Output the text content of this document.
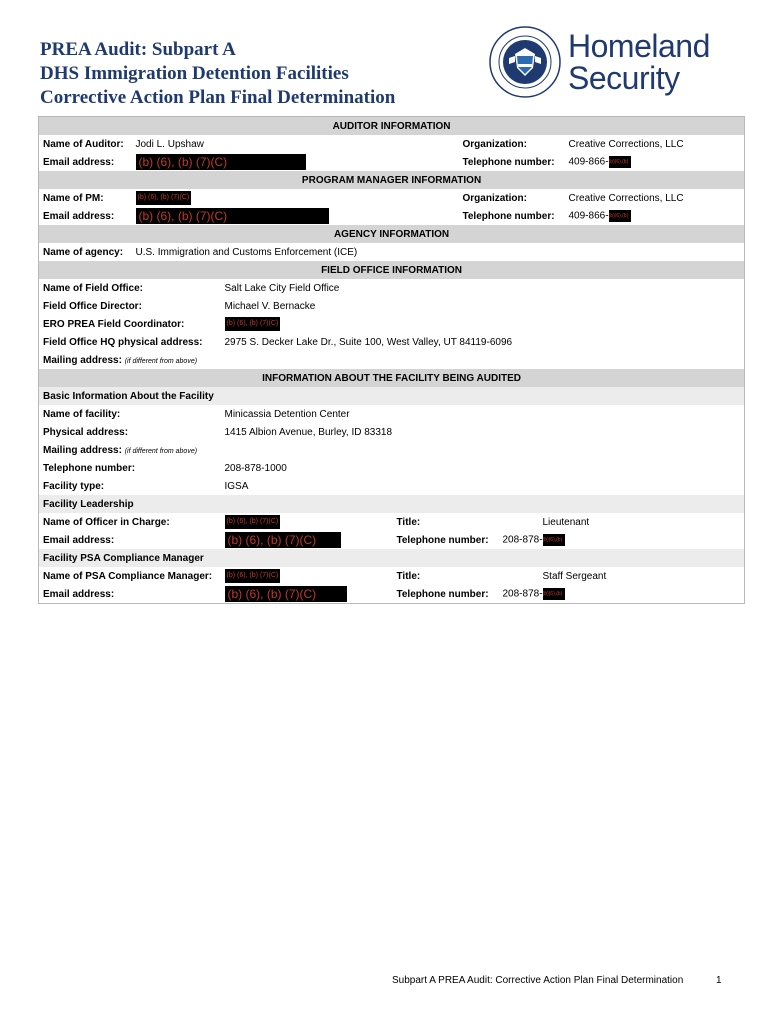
PREA Audit: Subpart A
DHS Immigration Detention Facilities
Corrective Action Plan Final Determination
Homeland
Security
AUDITOR INFORMATION						
Name of Auditor:	Jodi L. Upshaw			Organization:		Creative Corrections, LLC
Email address:	(b) (6), (b) (7)(C)			Telephone number:		409-866-(b)(6),(b)
PROGRAM MANAGER INFORMATION						
Name of PM:	(b) (6), (b) (7)(C)			Organization:		Creative Corrections, LLC
Email address:	(b) (6), (b) (7)(C)			Telephone number:		409-866-(b)(6),(b)
AGENCY INFORMATION						
Name of agency:	U.S. Immigration and Customs Enforcement (ICE)					
FIELD OFFICE INFORMATION						
Name of Field Office:		Salt Lake City Field Office				
Field Office Director:		Michael V. Bernacke				
ERO PREA Field Coordinator:		(b) (6), (b) (7)(C)				
Field Office HQ physical address:		2975 S. Decker Lake Dr., Suite 100, West Valley, UT 84119-6096				
Mailing address: (if different from above)						
INFORMATION ABOUT THE FACILITY BEING AUDITED						
Basic Information About the Facility						
Name of facility:		Minicassia Detention Center				
Physical address:		1415 Albion Avenue, Burley, ID 83318				
Mailing address: (if different from above)						
Telephone number:		208-878-1000				
Facility type:		IGSA				
Facility Leadership						
Name of Officer in Charge:		(b) (6), (b) (7)(C)	Title:		Lieutenant	
Email address:		(b) (6), (b) (7)(C)	Telephone number:		208-878-(b)(6),(b)	
Facility PSA Compliance Manager						
Name of PSA Compliance Manager:		(b) (6), (b) (7)(C)	Title:		Staff Sergeant	
Email address:		(b) (6), (b) (7)(C)	Telephone number:		208-878-(b)(6),(b)	
Subpart A PREA Audit: Corrective Action Plan Final Determination	1
